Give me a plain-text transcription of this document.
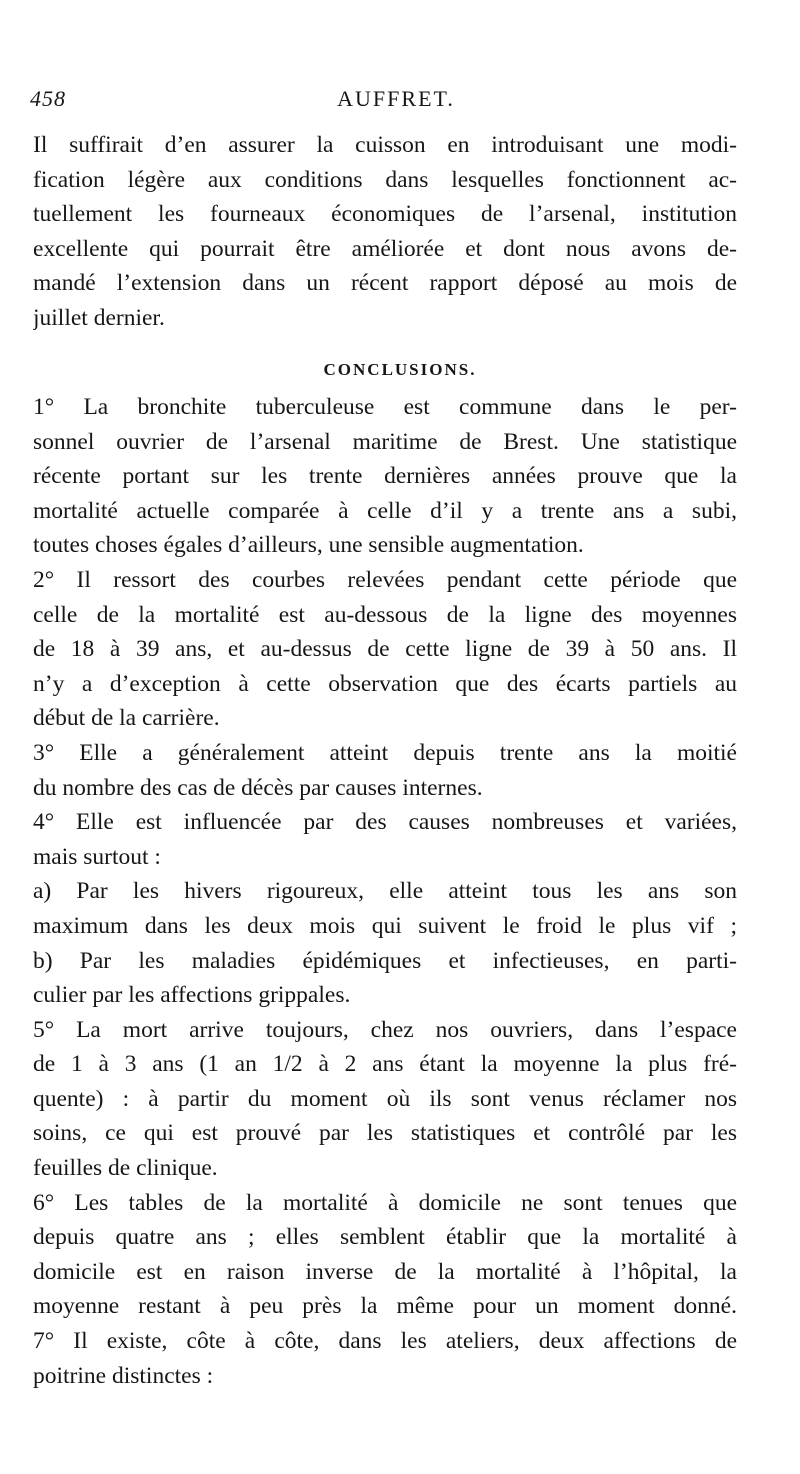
458	AUFFRET.
Il suffirait d’en assurer la cuisson en introduisant une modi-
fication légère aux conditions dans lesquelles fonctionnent ac-
tuellement les fourneaux économiques de l’arsenal, institution
excellente qui pourrait être améliorée et dont nous avons de-
mandé l’extension dans un récent rapport déposé au mois de
juillet dernier.
CONCLUSIONS.
1° La bronchite tuberculeuse est commune dans le per-
sonnel ouvrier de l’arsenal maritime de Brest. Une statistique
récente portant sur les trente dernières années prouve que la
mortalité actuelle comparée à celle d’il y a trente ans a subi,
toutes choses égales d’ailleurs, une sensible augmentation.
2° Il ressort des courbes relevées pendant cette période que
celle de la mortalité est au-dessous de la ligne des moyennes
de 18 à 39 ans, et au-dessus de cette ligne de 39 à 50 ans. Il
n’y a d’exception à cette observation que des écarts partiels au
début de la carrière.
3° Elle a généralement atteint depuis trente ans la moitié
du nombre des cas de décès par causes internes.
4° Elle est influencée par des causes nombreuses et variées,
mais surtout :
a) Par les hivers rigoureux, elle atteint tous les ans son
maximum dans les deux mois qui suivent le froid le plus vif ;
b) Par les maladies épidémiques et infectieuses, en parti-
culier par les affections grippales.
5° La mort arrive toujours, chez nos ouvriers, dans l’espace
de 1 à 3 ans (1 an 1/2 à 2 ans étant la moyenne la plus fré-
quente) : à partir du moment où ils sont venus réclamer nos
soins, ce qui est prouvé par les statistiques et contrôlé par les
feuilles de clinique.
6° Les tables de la mortalité à domicile ne sont tenues que
depuis quatre ans ; elles semblent établir que la mortalité à
domicile est en raison inverse de la mortalité à l’hôpital, la
moyenne restant à peu près la même pour un moment donné.
7° Il existe, côte à côte, dans les ateliers, deux affections de
poitrine distinctes :
